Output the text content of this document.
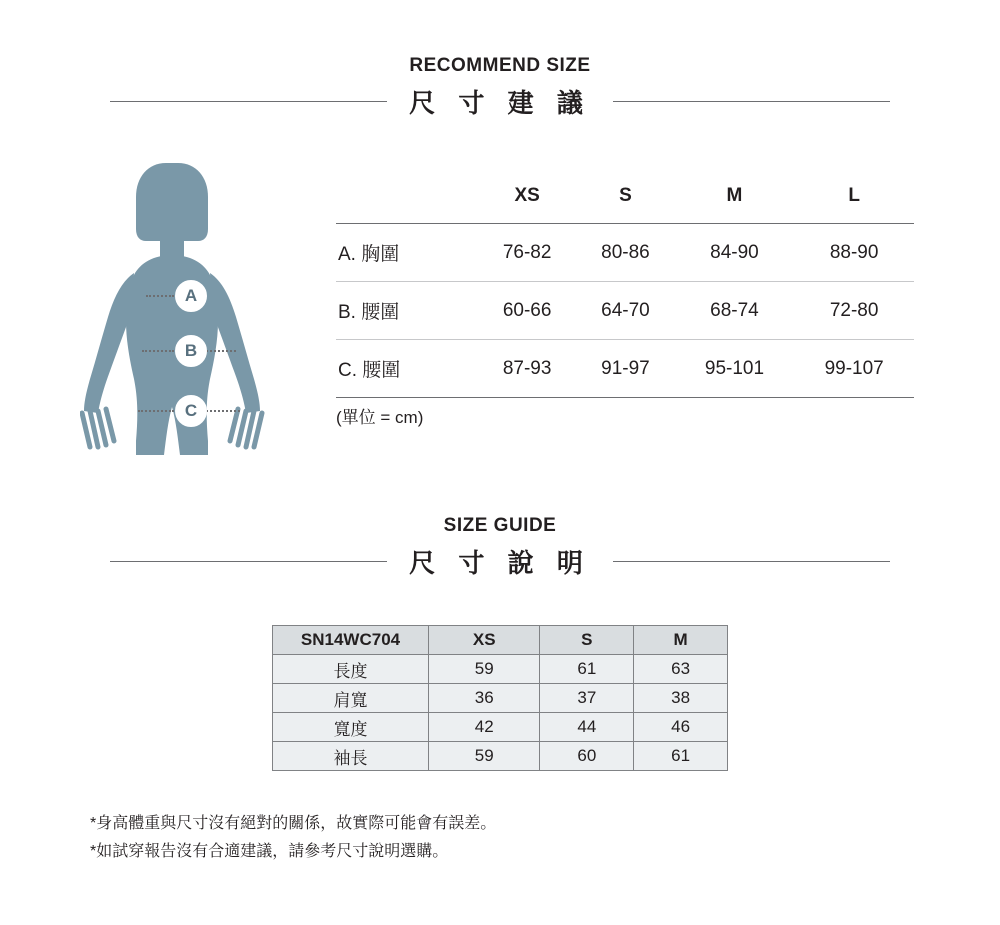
RECOMMEND SIZE
尺 寸 建 議
A
B
C
	XS	S	M	L
A. 胸圍	76-82	80-86	84-90	88-90
B. 腰圍	60-66	64-70	68-74	72-80
C. 腰圍	87-93	91-97	95-101	99-107
(單位 = cm)
SIZE GUIDE
尺 寸 說 明
SN14WC704	XS	S	M
長度	59	61	63
肩寬	36	37	38
寬度	42	44	46
袖長	59	60	61
*身高體重與尺寸沒有絕對的關係，故實際可能會有誤差。
*如試穿報告沒有合適建議，請參考尺寸說明選購。
